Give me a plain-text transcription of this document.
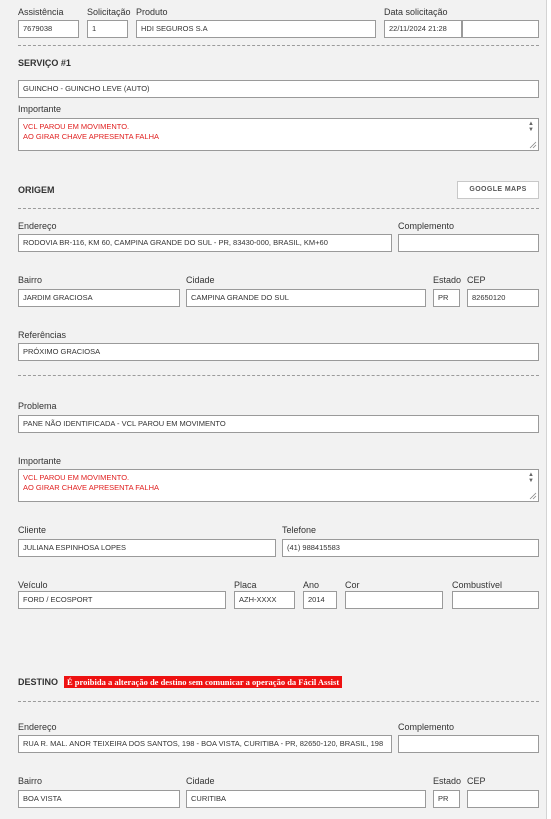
Assistência
7679038
Solicitação
1
Produto
HDI SEGUROS S.A
Data solicitação
22/11/2024 21:28
SERVIÇO #1
GUINCHO - GUINCHO LEVE (AUTO)
Importante
VCL PAROU EM MOVIMENTO.
AO GIRAR CHAVE APRESENTA FALHA
▲
▼
ORIGEM	GOOGLE MAPS
Endereço
RODOVIA BR-116, KM 60, CAMPINA GRANDE DO SUL - PR, 83430-000, BRASIL, KM+60
Complemento
Bairro
JARDIM GRACIOSA
Cidade
CAMPINA GRANDE DO SUL
Estado
PR
CEP
82650120
Referências
PRÓXIMO GRACIOSA
Problema
PANE NÃO IDENTIFICADA - VCL PAROU EM MOVIMENTO
Importante
VCL PAROU EM MOVIMENTO.
AO GIRAR CHAVE APRESENTA FALHA
▲
▼
Cliente
JULIANA ESPINHOSA LOPES
Telefone
(41) 988415583
Veículo
FORD / ECOSPORT
Placa
AZH-XXXX
Ano
2014
Cor	Combustível
DESTINO	É proibida a alteração de destino sem comunicar a operação da Fácil Assist
Endereço
RUA R. MAL. ANOR TEIXEIRA DOS SANTOS, 198 - BOA VISTA, CURITIBA - PR, 82650-120, BRASIL, 198
Complemento
Bairro
BOA VISTA
Cidade
CURITIBA
Estado
PR
CEP
